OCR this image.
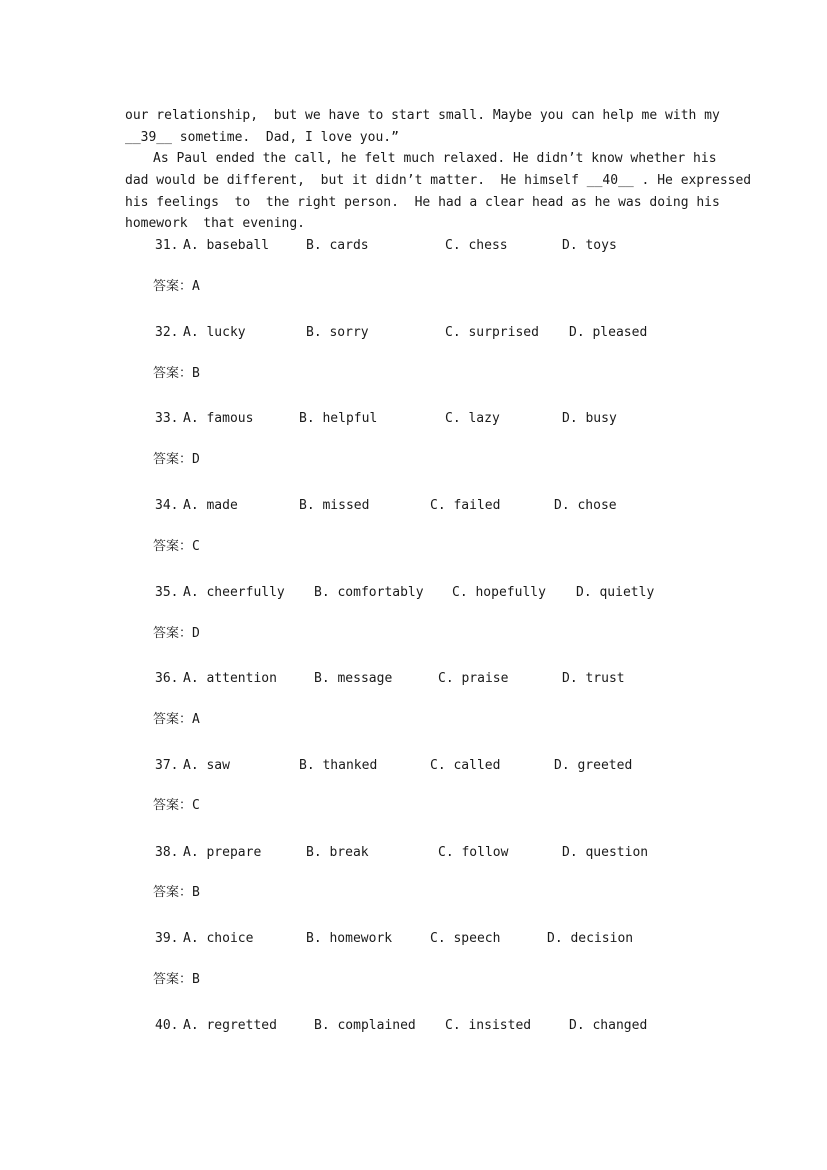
our relationship,  but we have to start small. Maybe you can help me with my
__39__ sometime.  Dad, I love you.”
As Paul ended the call, he felt much relaxed. He didn’t know whether his
dad would be different,  but it didn’t matter.  He himself __40__ . He expressed
his feelings  to  the right person.  He had a clear head as he was doing his
homework  that evening.
31. A. baseball	B. cards	C. chess	D. toys
答案：A
32. A. lucky	B. sorry	C. surprised D. pleased
答案：B
33. A. famous	B. helpful	C. lazy	D. busy
答案：D
34. A. made	B. missed	C. failed	D. chose
答案：C
35. A. cheerfully B. comfortably C. hopefully D. quietly
答案：D
36. A. attention	B. message	C. praise	D. trust
答案：A
37. A. saw	B. thanked	C. called	D. greeted
答案：C
38. A. prepare	B. break	C. follow	D. question
答案：B
39. A. choice	B. homework	C. speech	D. decision
答案：B
40. A. regretted	B. complained C. insisted	D. changed
